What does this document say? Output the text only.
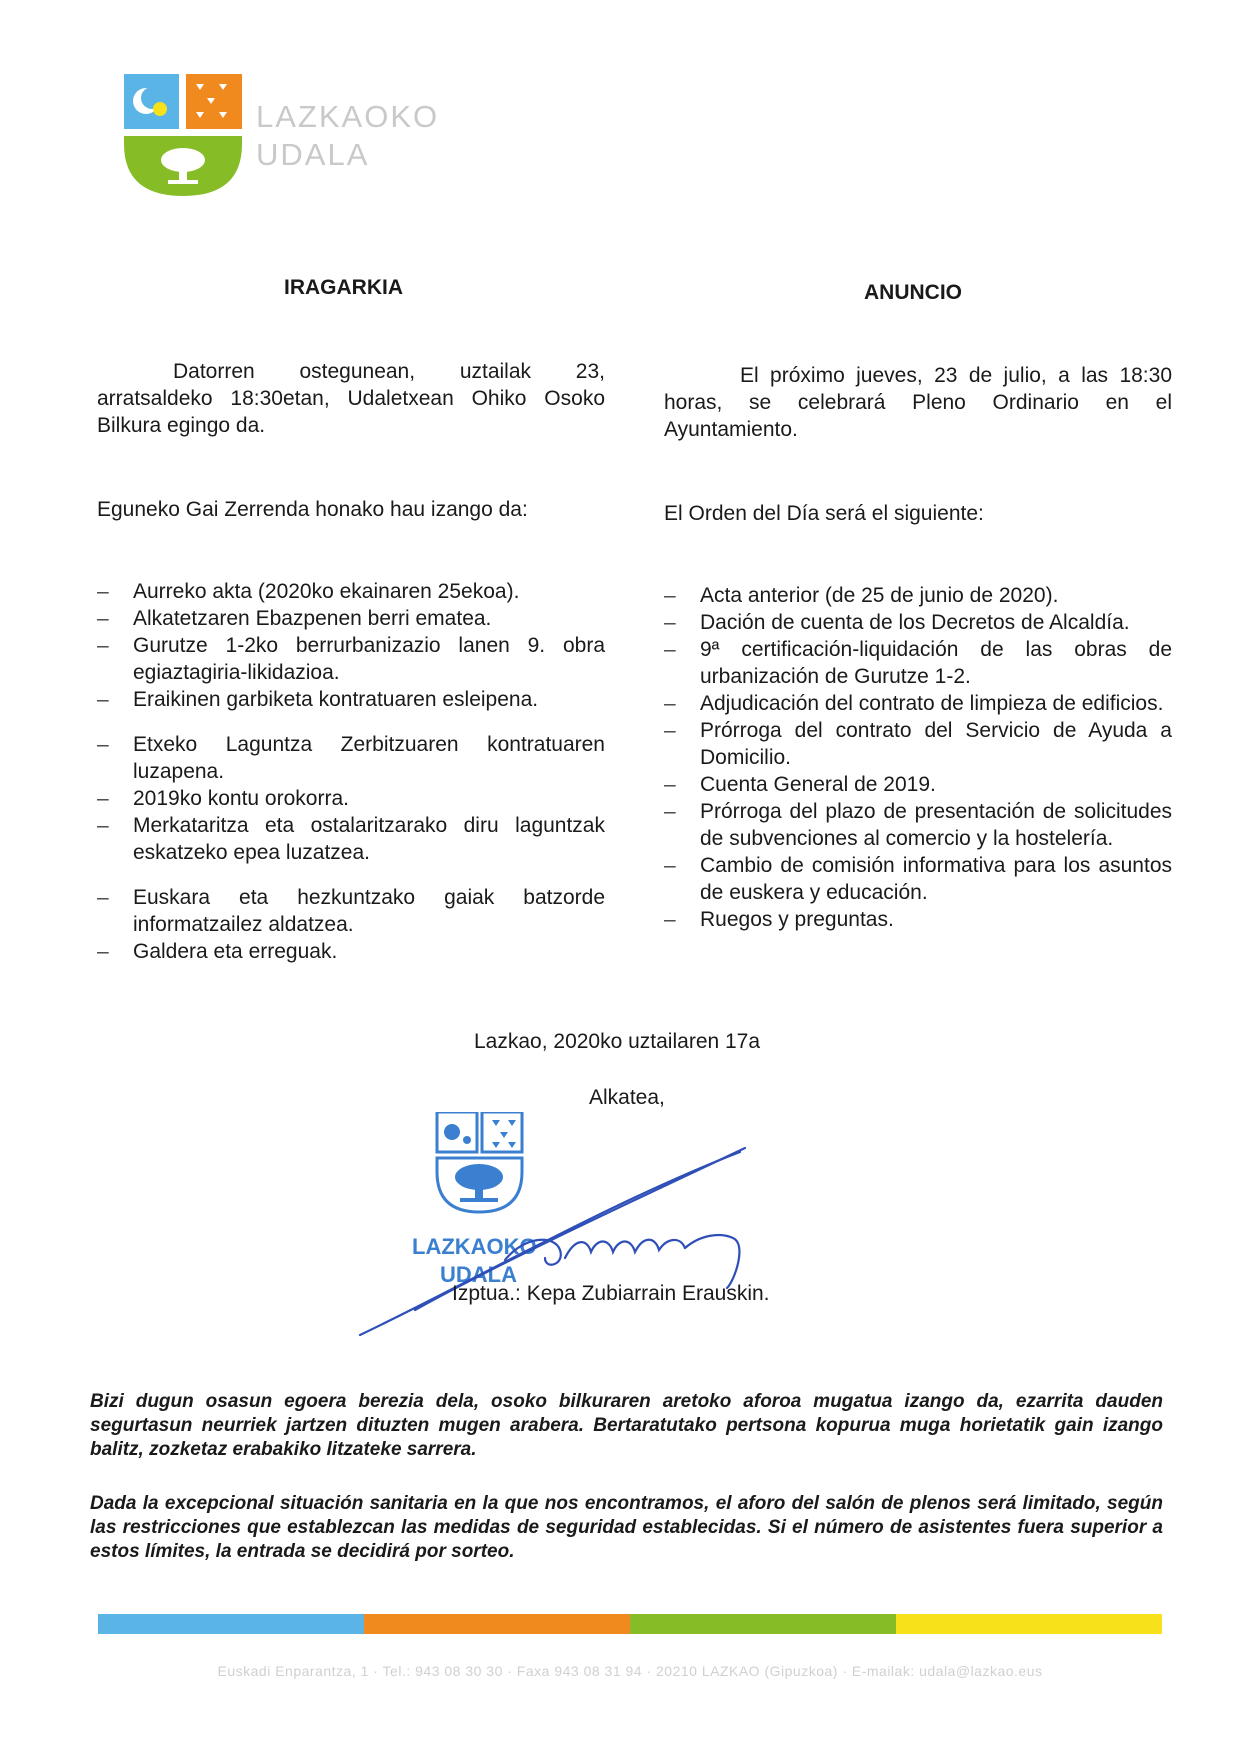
LAZKAOKO
UDALA
IRAGARKIA	ANUNCIO
Datorren ostegunean, uztailak 23, arratsaldeko 18:30etan, Udaletxean Ohiko Osoko Bilkura egingo da.
Eguneko Gai Zerrenda honako hau izango da:
– Aurreko akta (2020ko ekainaren 25ekoa).
– Alkatetzaren Ebazpenen berri ematea.
– Gurutze 1-2ko berrurbanizazio lanen 9. obra egiaztagiria-likidazioa.
– Eraikinen garbiketa kontratuaren esleipena.
– Etxeko Laguntza Zerbitzuaren kontratuaren luzapena.
– 2019ko kontu orokorra.
– Merkataritza eta ostalaritzarako diru laguntzak eskatzeko epea luzatzea.
– Euskara eta hezkuntzako gaiak batzorde informatzailez aldatzea.
– Galdera eta erreguak.
El próximo jueves, 23 de julio, a las 18:30 horas, se celebrará Pleno Ordinario en el Ayuntamiento.
El Orden del Día será el siguiente:
– Acta anterior (de 25 de junio de 2020).
– Dación de cuenta de los Decretos de Alcaldía.
– 9ª certificación-liquidación de las obras de urbanización de Gurutze 1-2.
– Adjudicación del contrato de limpieza de edificios.
– Prórroga del contrato del Servicio de Ayuda a Domicilio.
– Cuenta General de 2019.
– Prórroga del plazo de presentación de solicitudes de subvenciones al comercio y la hostelería.
– Cambio de comisión informativa para los asuntos de euskera y educación.
– Ruegos y preguntas.
Lazkao, 2020ko uztailaren 17a
Alkatea,
LAZKAOKO
UDALA
Izptua.: Kepa Zubiarrain Erauskin.
Bizi dugun osasun egoera berezia dela, osoko bilkuraren aretoko aforoa mugatua izango da, ezarrita dauden segurtasun neurriek jartzen dituzten mugen arabera. Bertaratutako pertsona kopurua muga horietatik gain izango balitz, zozketaz erabakiko litzateke sarrera.
Dada la excepcional situación sanitaria en la que nos encontramos, el aforo del salón de plenos será limitado, según las restricciones que establezcan las medidas de seguridad establecidas. Si el número de asistentes fuera superior a estos límites, la entrada se decidirá por sorteo.
Euskadi Enparantza, 1 · Tel.: 943 08 30 30 · Faxa 943 08 31 94 · 20210 LAZKAO (Gipuzkoa) · E-mailak: udala@lazkao.eus
